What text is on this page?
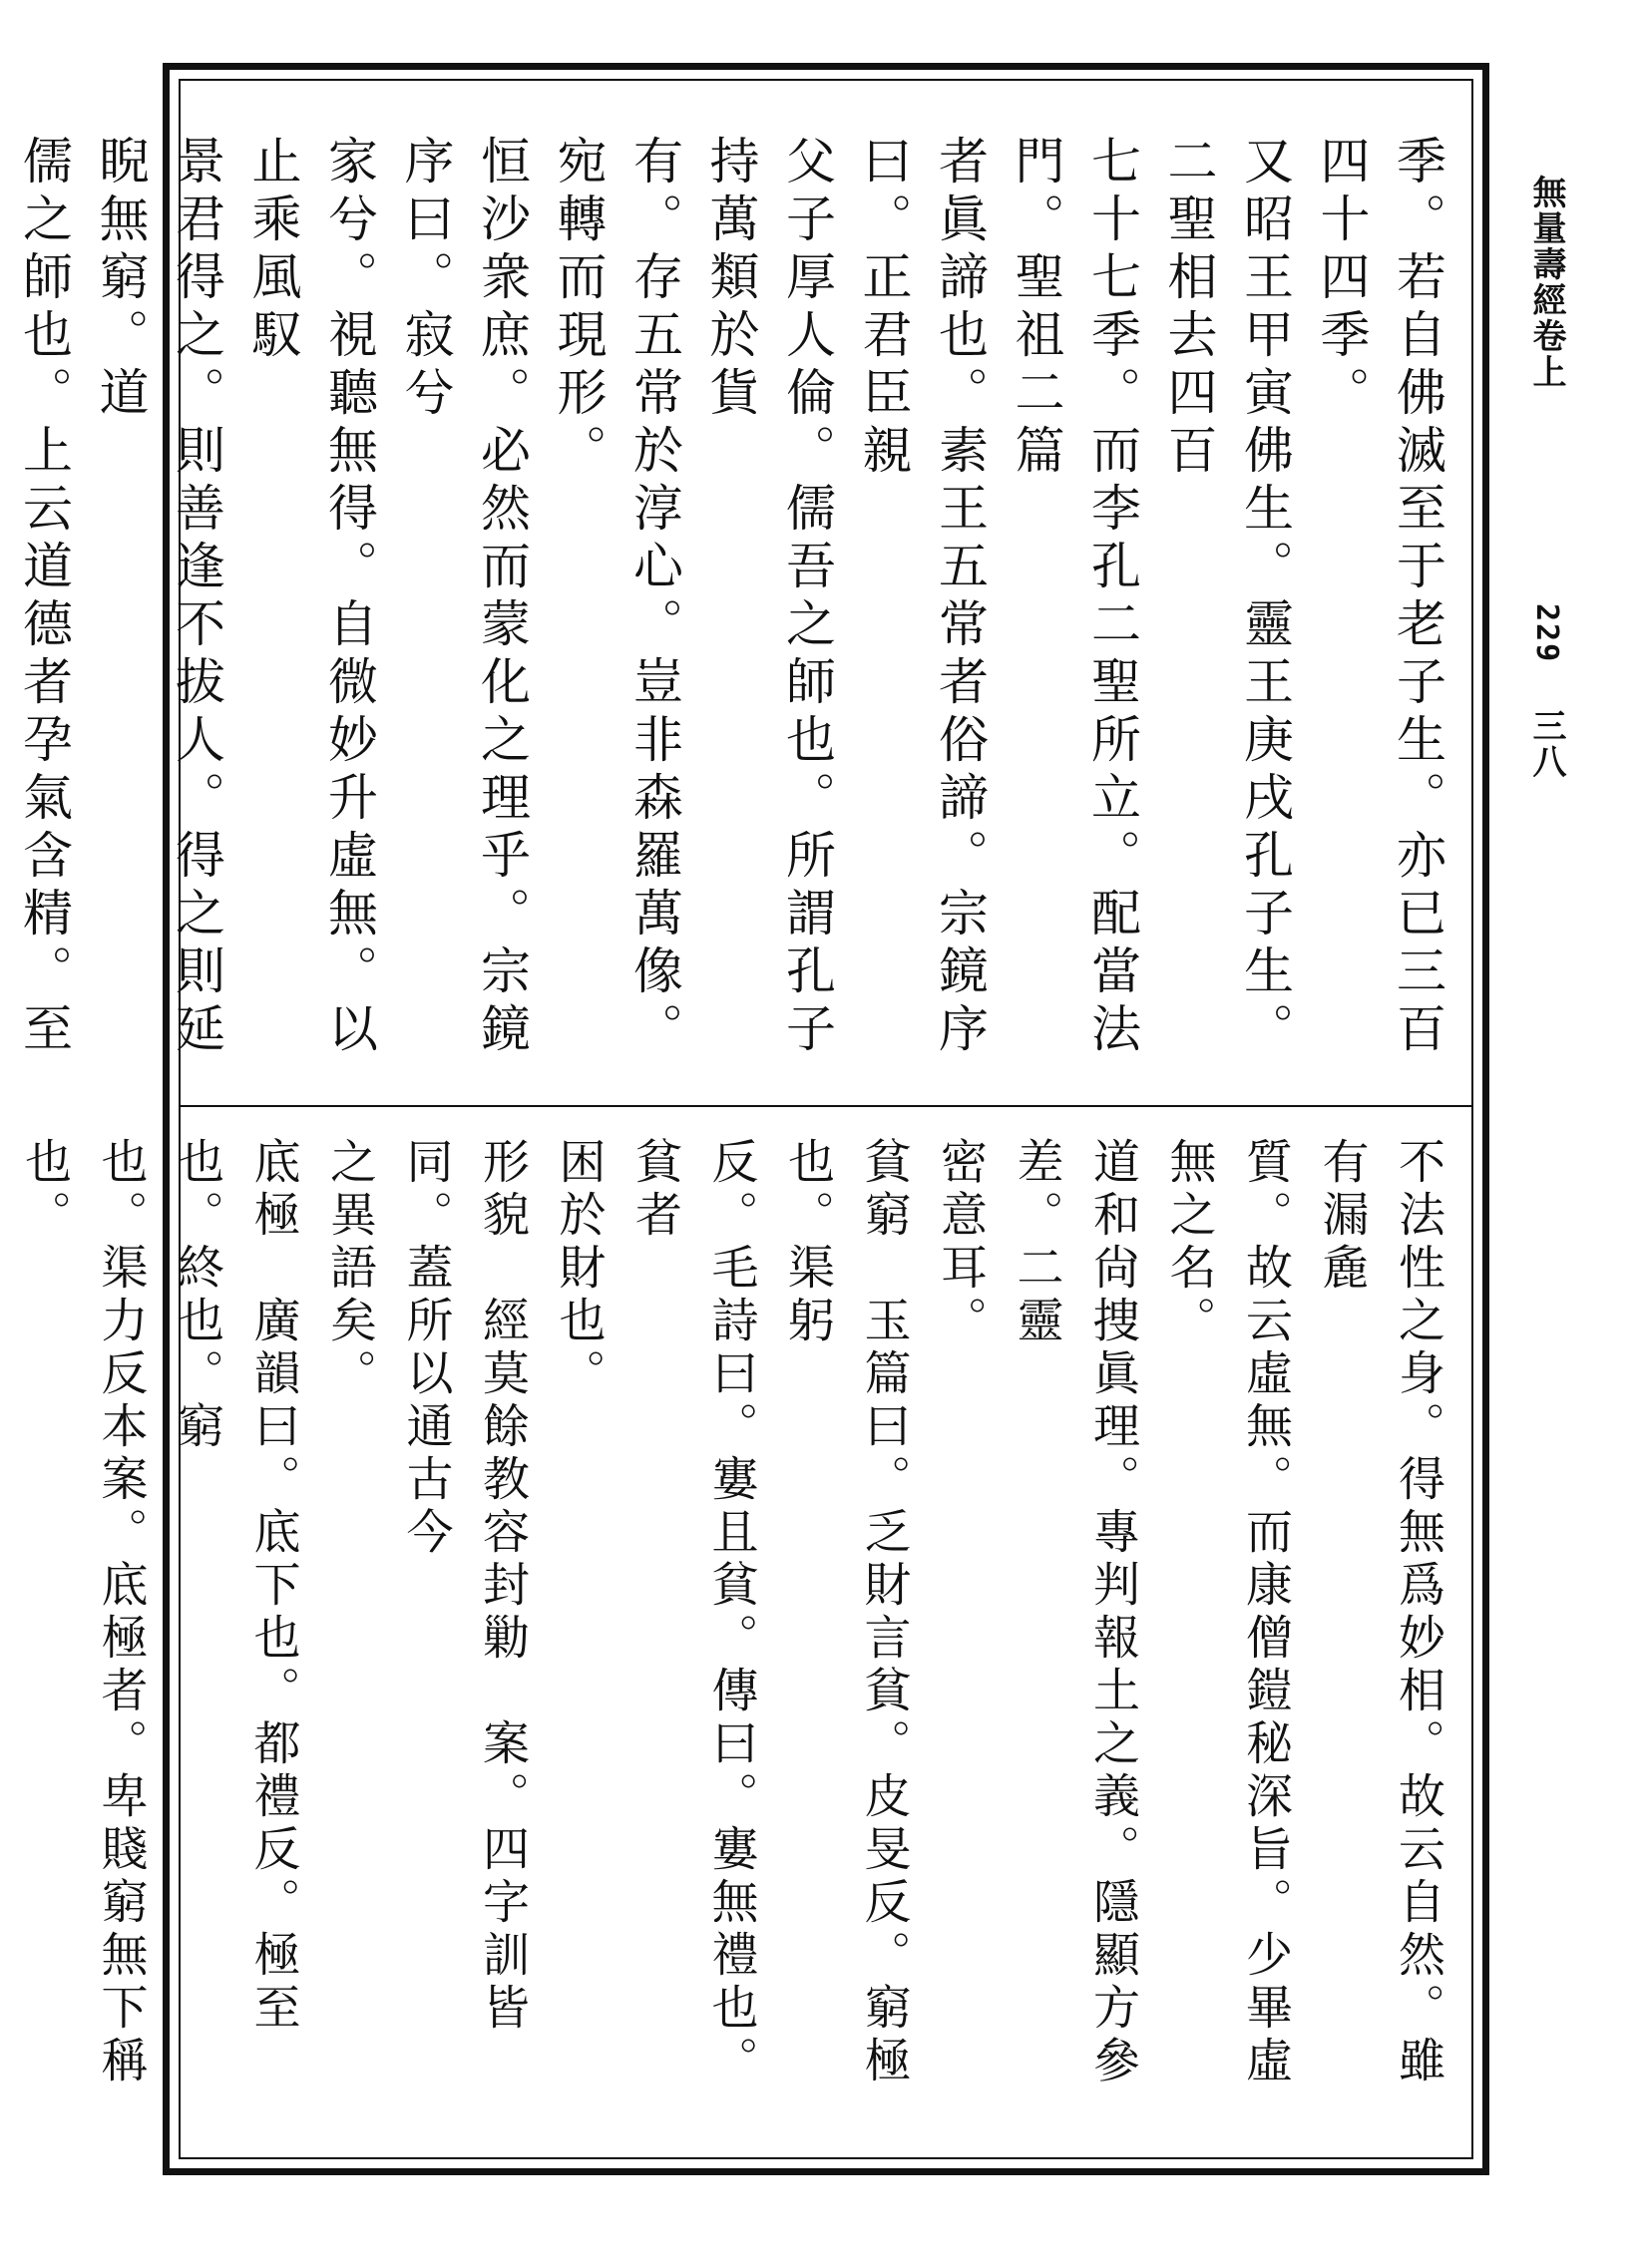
無量壽經卷上
229
三八
季。若自佛滅至于老子生。亦已三百四十四季。
又昭王甲寅佛生。靈王庚戌孔子生。二聖相去四百
七十七季。而李孔二聖所立。配當法門。聖祖二篇
者眞諦也。素王五常者俗諦。宗鏡序曰。正君臣親
父子厚人倫。儒吾之師也。所謂孔子持萬類於貨
有。存五常於淳心。豈非森羅萬像。宛轉而現形。
恒沙衆庶。必然而蒙化之理乎。宗鏡序曰。寂兮
家兮。視聽無得。自微妙升虛無。以止乘風馭
景君得之。則善逢不拔人。得之則延睨無窮。道
儒之師也。上云道德者孕氣含精。至
不法性之身。得無爲妙相。故云自然。雖有漏麁
質。故云虛無。而康僧鎧秘深旨。少畢虛無之名。
道和尙捜眞理。專判報土之義。隱顯方參差。二靈
密意耳。
貧窮　玉篇曰。乏財言貧。皮旻反。窮極也。渠躬
反。毛詩曰。寠且貧。傳曰。寠無禮也。貧者
困於財也。
形貌　經莫餘教容封勦　案。四字訓皆同。蓋所以通古今
之異語矣。
底極　廣韻曰。底下也。都禮反。極至也。終也。窮
也。渠力反本案。底極者。卑賤窮無下稱也。
